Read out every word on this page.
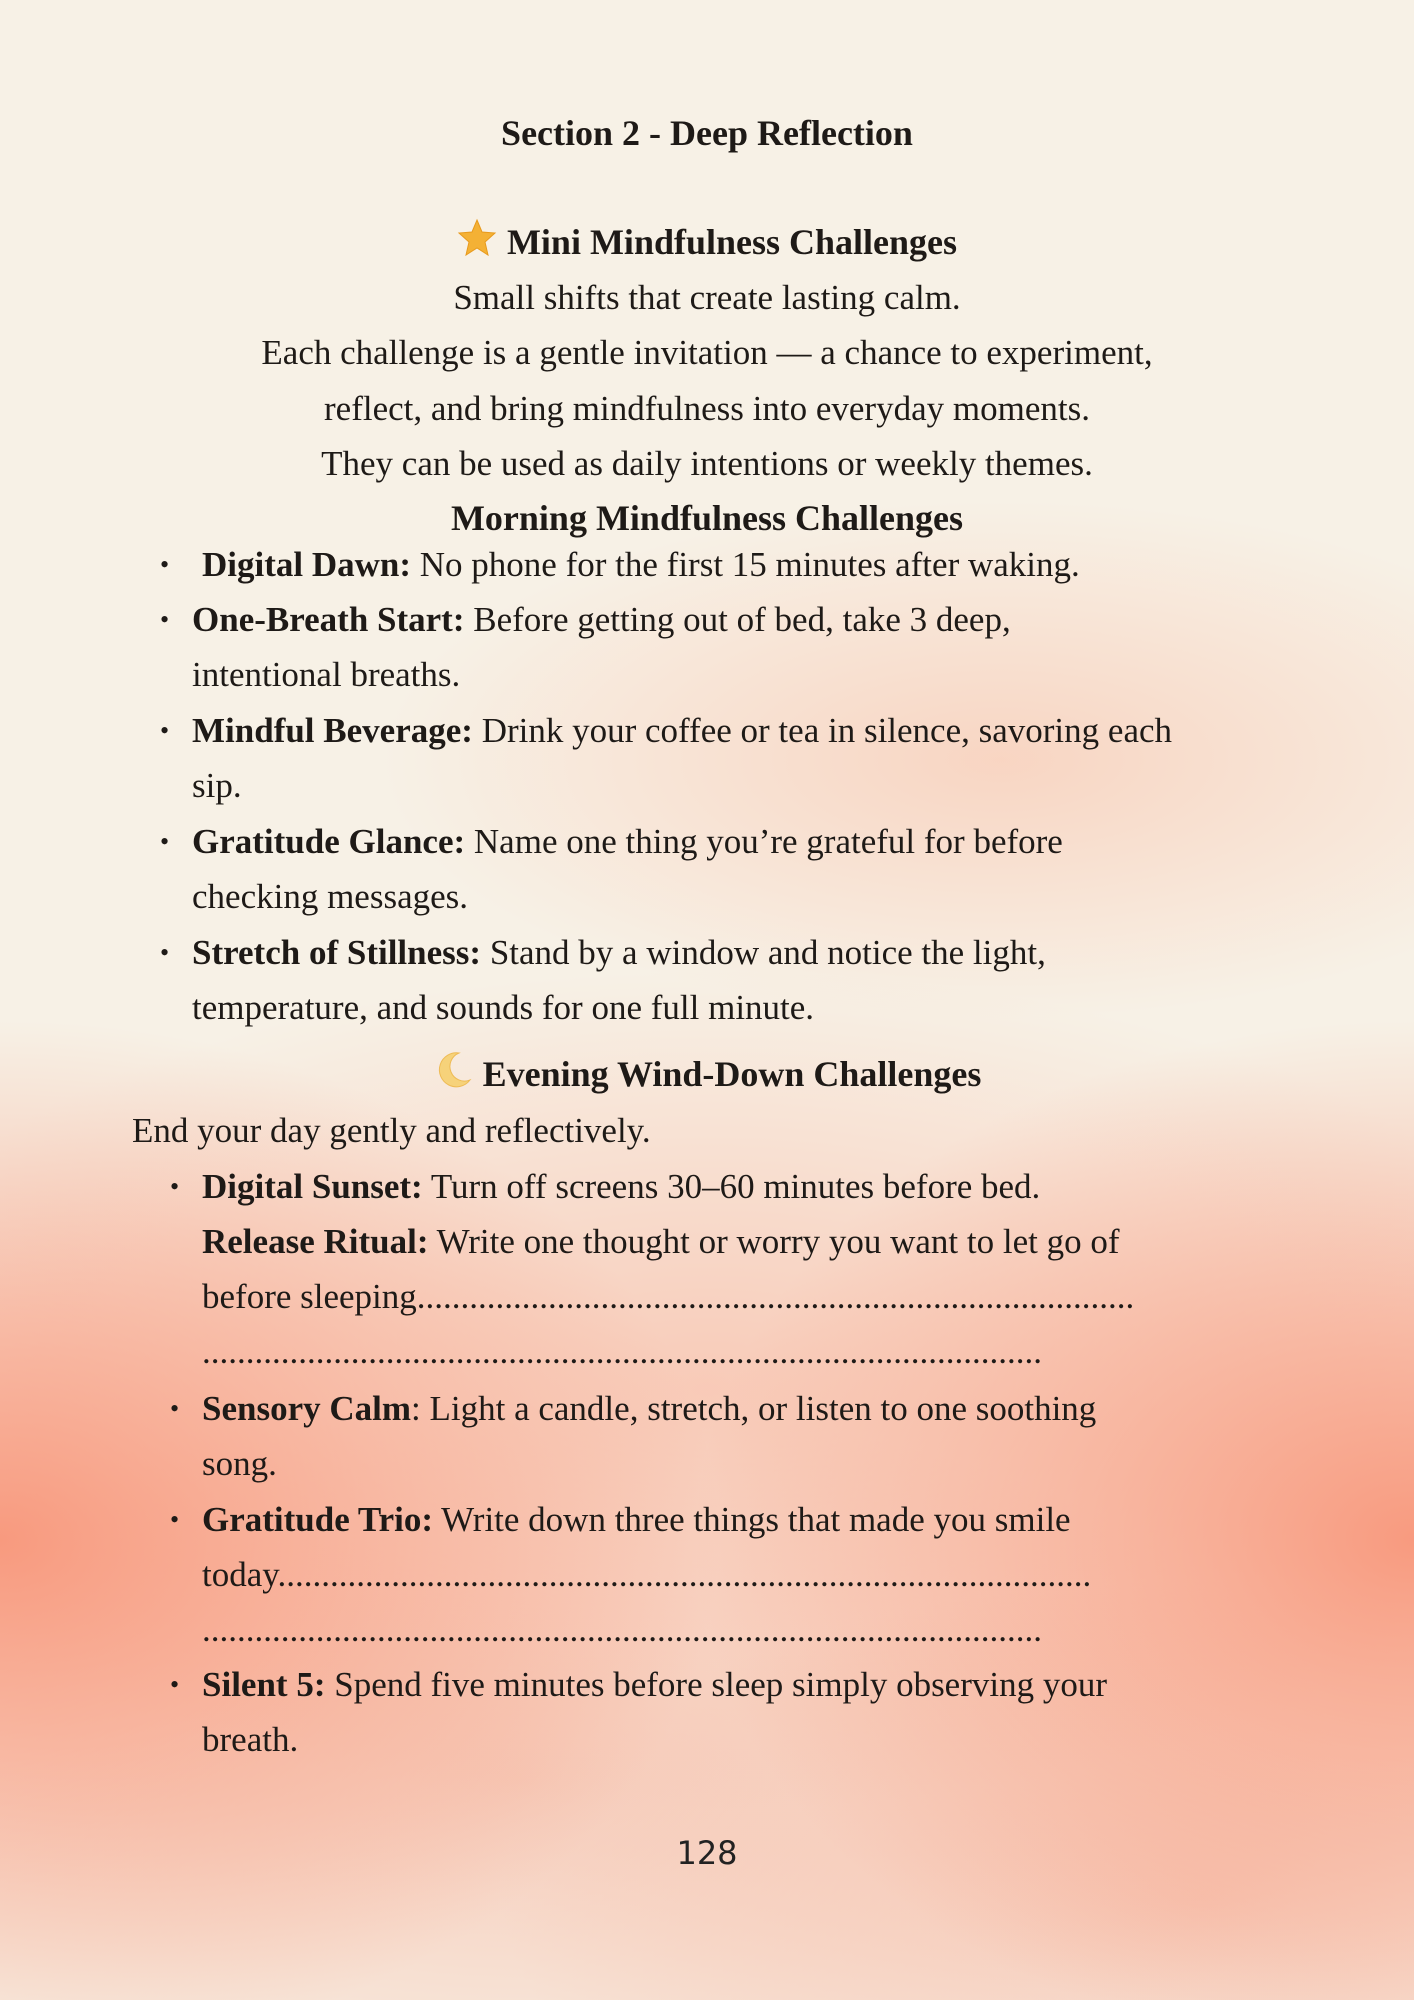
Section 2 - Deep Reflection
Mini Mindfulness Challenges

Small shifts that create lasting calm.

Each challenge is a gentle invitation — a chance to experiment,

reflect, and bring mindfulness into everyday moments.

They can be used as daily intentions or weekly themes.

Morning Mindfulness Challenges
• Digital Dawn: No phone for the first 15 minutes after waking.
• One-Breath Start: Before getting out of bed, take 3 deep,
intentional breaths.
• Mindful Beverage: Drink your coffee or tea in silence, savoring each
sip.
• Gratitude Glance: Name one thing you’re grateful for before
checking messages.
• Stretch of Stillness: Stand by a window and notice the light,
temperature, and sounds for one full minute.
Evening Wind-Down Challenges

End your day gently and reflectively.

• Digital Sunset: Turn off screens 30–60 minutes before bed.
Release Ritual: Write one thought or worry you want to let go of
before sleeping..................................................................................
................................................................................................
• Sensory Calm: Light a candle, stretch, or listen to one soothing
song.
• Gratitude Trio: Write down three things that made you smile
today.............................................................................................
................................................................................................
• Silent 5: Spend five minutes before sleep simply observing your
breath.
128
